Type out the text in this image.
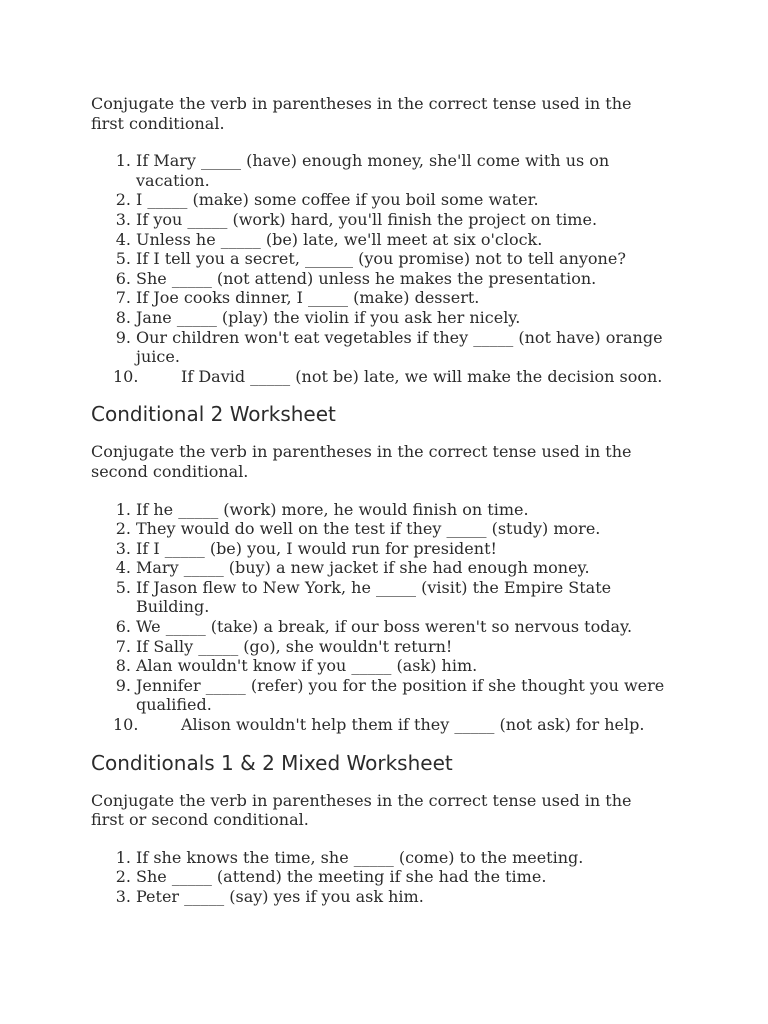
Conjugate the verb in parentheses in the correct tense used in the first conditional.

1. If Mary _____ (have) enough money, she'll come with us on vacation.
2. I _____ (make) some coffee if you boil some water.
3. If you _____ (work) hard, you'll finish the project on time.
4. Unless he _____ (be) late, we'll meet at six o'clock.
5. If I tell you a secret, ______ (you promise) not to tell anyone?
6. She _____ (not attend) unless he makes the presentation.
7. If Joe cooks dinner, I _____ (make) dessert.
8. Jane _____ (play) the violin if you ask her nicely.
9. Our children won't eat vegetables if they _____ (not have) orange juice.
10.	If David _____ (not be) late, we will make the decision soon.
Conditional 2 Worksheet

Conjugate the verb in parentheses in the correct tense used in the second conditional.

1. If he _____ (work) more, he would finish on time.
2. They would do well on the test if they _____ (study) more.
3. If I _____ (be) you, I would run for president!
4. Mary _____ (buy) a new jacket if she had enough money.
5. If Jason flew to New York, he _____ (visit) the Empire State Building.
6. We _____ (take) a break, if our boss weren't so nervous today.
7. If Sally _____ (go), she wouldn't return!
8. Alan wouldn't know if you _____ (ask) him.
9. Jennifer _____ (refer) you for the position if she thought you were qualified.
10.	Alison wouldn't help them if they _____ (not ask) for help.
Conditionals 1 & 2 Mixed Worksheet

Conjugate the verb in parentheses in the correct tense used in the first or second conditional.

1. If she knows the time, she _____ (come) to the meeting.
2. She _____ (attend) the meeting if she had the time.
3. Peter _____ (say) yes if you ask him.
